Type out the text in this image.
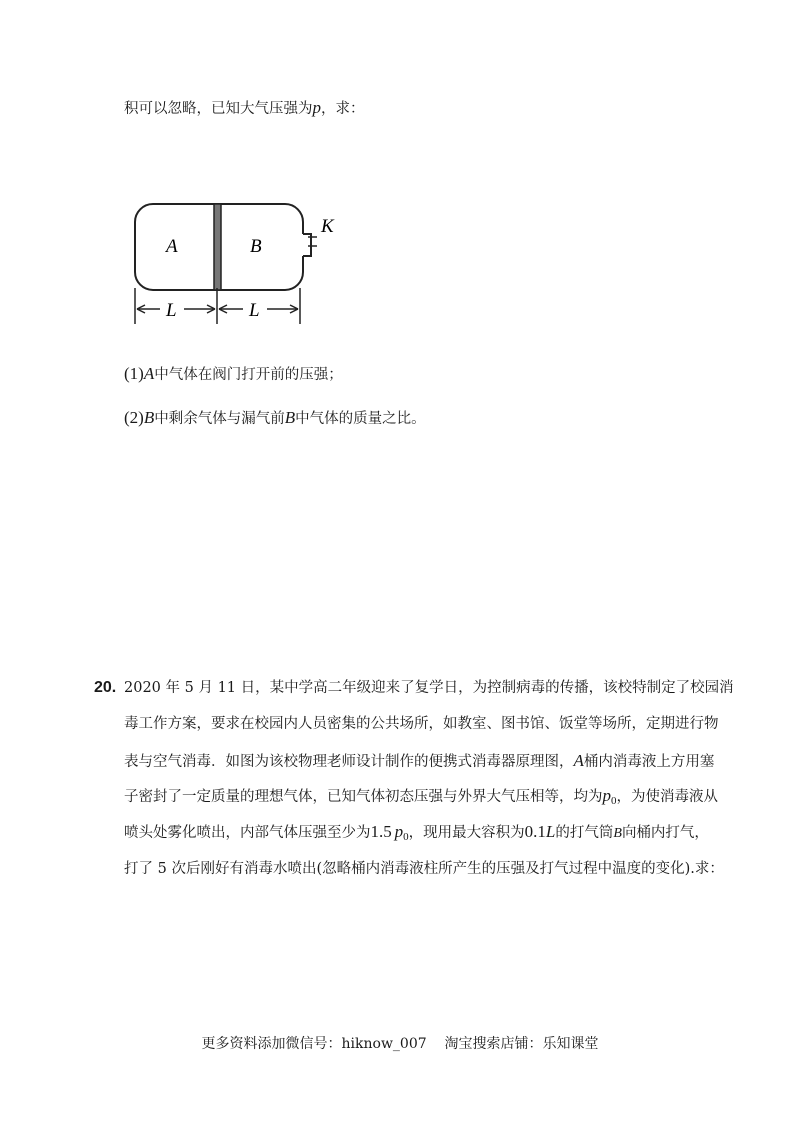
积可以忽略，已知大气压强为p，求：
A	B
K
L	L
(1)A中气体在阀门打开前的压强；
(2)B中剩余气体与漏气前B中气体的质量之比。
20. 2020 年 5 月 11 日，某中学高二年级迎来了复学日，为控制病毒的传播，该校特制定了校园消
毒工作方案，要求在校园内人员密集的公共场所，如教室、图书馆、饭堂等场所，定期进行物
表与空气消毒．如图为该校物理老师设计制作的便携式消毒器原理图，A桶内消毒液上方用塞
子密封了一定质量的理想气体，已知气体初态压强与外界大气压相等，均为$p_0$，为使消毒液从
喷头处雾化喷出，内部气体压强至少为1.5  $p_0$，现用最大容积为0.1L的打气筒B向桶内打气，
打了 5 次后刚好有消毒水喷出(忽略桶内消毒液柱所产生的压强及打气过程中温度的变化).求：
更多资料添加微信号：hiknow_007    淘宝搜索店铺：乐知课堂
